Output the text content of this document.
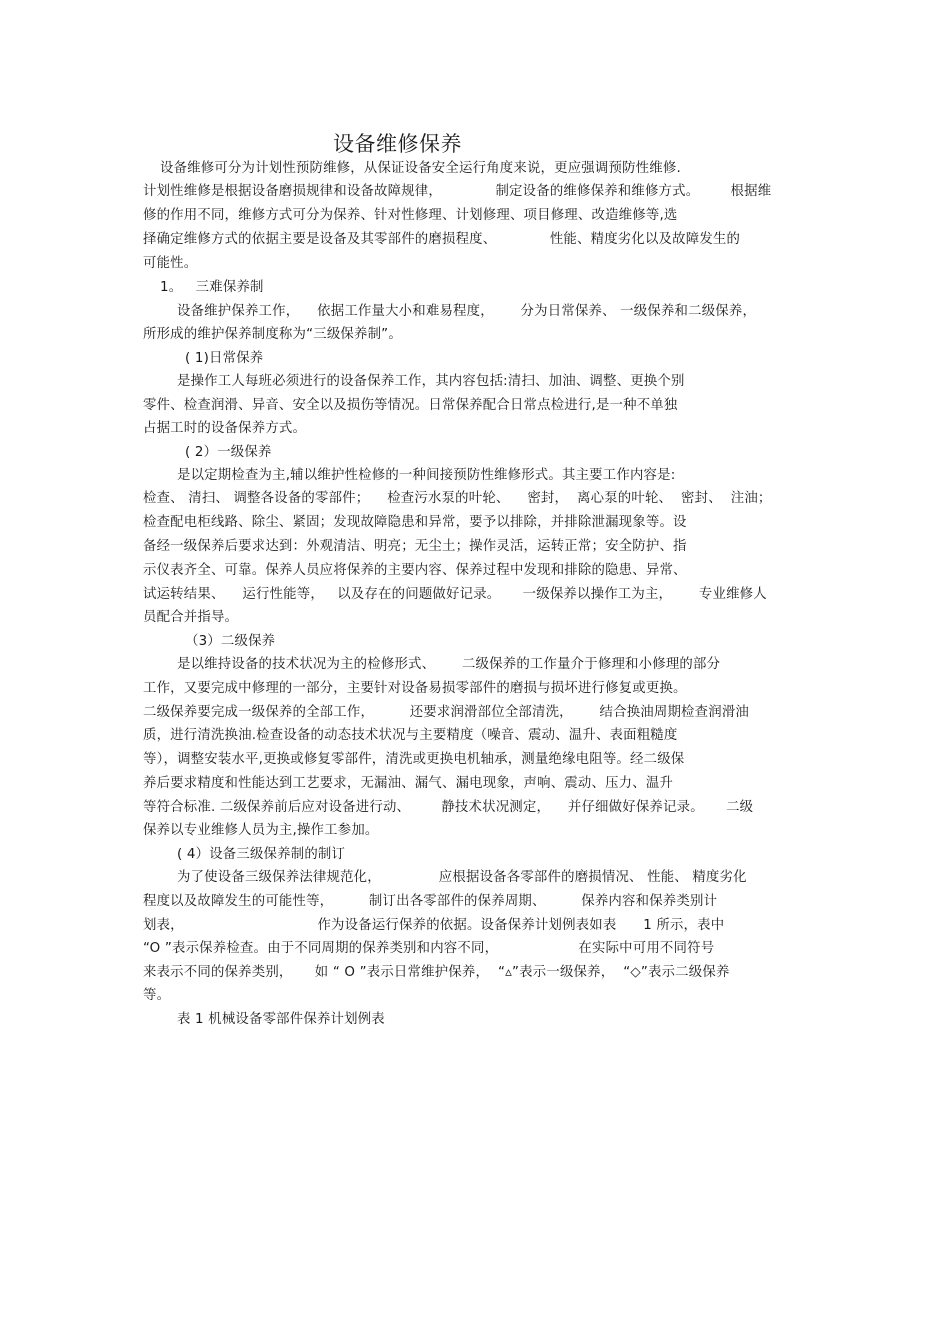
设备维修保养
设备维修可分为计划性预防维修，从保证设备安全运行角度来说，更应强调预防性维修.
计划性维修是根据设备磨损规律和设备故障规律，            制定设备的维修保养和维修方式。       根据维
修的作用不同，维修方式可分为保养、针对性修理、计划修理、项目修理、改造维修等,选
择确定维修方式的依据主要是设备及其零部件的磨损程度、            性能、精度劣化以及故障发生的
可能性。
1。   三难保养制
设备维护保养工作，    依据工作量大小和难易程度，      分为日常保养、 一级保养和二级保养，
所形成的维护保养制度称为“三级保养制”。
( 1)日常保养
是操作工人每班必须进行的设备保养工作，其内容包括:清扫、加油、调整、更换个别
零件、检查润滑、异音、安全以及损伤等情况。日常保养配合日常点检进行,是一种不单独
占据工时的设备保养方式。
( 2）一级保养
是以定期检查为主,辅以维护性检修的一种间接预防性维修形式。其主要工作内容是:
检查、 清扫、 调整各设备的零部件；    检查污水泵的叶轮、    密封，  离心泵的叶轮、  密封、  注油；
检查配电柜线路、除尘、紧固；发现故障隐患和异常，要予以排除，并排除泄漏现象等。设
备经一级保养后要求达到：外观清洁、明亮；无尘土；操作灵活，运转正常；安全防护、指
示仪表齐全、可靠。保养人员应将保养的主要内容、保养过程中发现和排除的隐患、异常、
试运转结果、    运行性能等，   以及存在的问题做好记录。     一级保养以操作工为主，      专业维修人
员配合并指导。
（3）二级保养
是以维持设备的技术状况为主的检修形式、      二级保养的工作量介于修理和小修理的部分
工作，又要完成中修理的一部分，主要针对设备易损零部件的磨损与损坏进行修复或更换。
二级保养要完成一级保养的全部工作，        还要求润滑部位全部清洗，      结合换油周期检查润滑油
质，进行清洗换油.检查设备的动态技术状况与主要精度（噪音、震动、温升、表面粗糙度
等），调整安装水平,更换或修复零部件，清洗或更换电机轴承，测量绝缘电阻等。经二级保
养后要求精度和性能达到工艺要求，无漏油、漏气、漏电现象，声响、震动、压力、温升
等符合标准. 二级保养前后应对设备进行动、       静技术状况测定，    并仔细做好保养记录。     二级
保养以专业维修人员为主,操作工参加。
( 4）设备三级保养制的制订
为了使设备三级保养法律规范化，             应根据设备各零部件的磨损情况、 性能、 精度劣化
程度以及故障发生的可能性等，        制订出各零部件的保养周期、        保养内容和保养类别计
划表，                              作为设备运行保养的依据。设备保养计划例表如表      1 所示，表中
“O ”表示保养检查。由于不同周期的保养类别和内容不同，                  在实际中可用不同符号
来表示不同的保养类别，     如 “ O ”表示日常维护保养，  “▵”表示一级保养，  “◇”表示二级保养
等。
表 1 机械设备零部件保养计划例表
